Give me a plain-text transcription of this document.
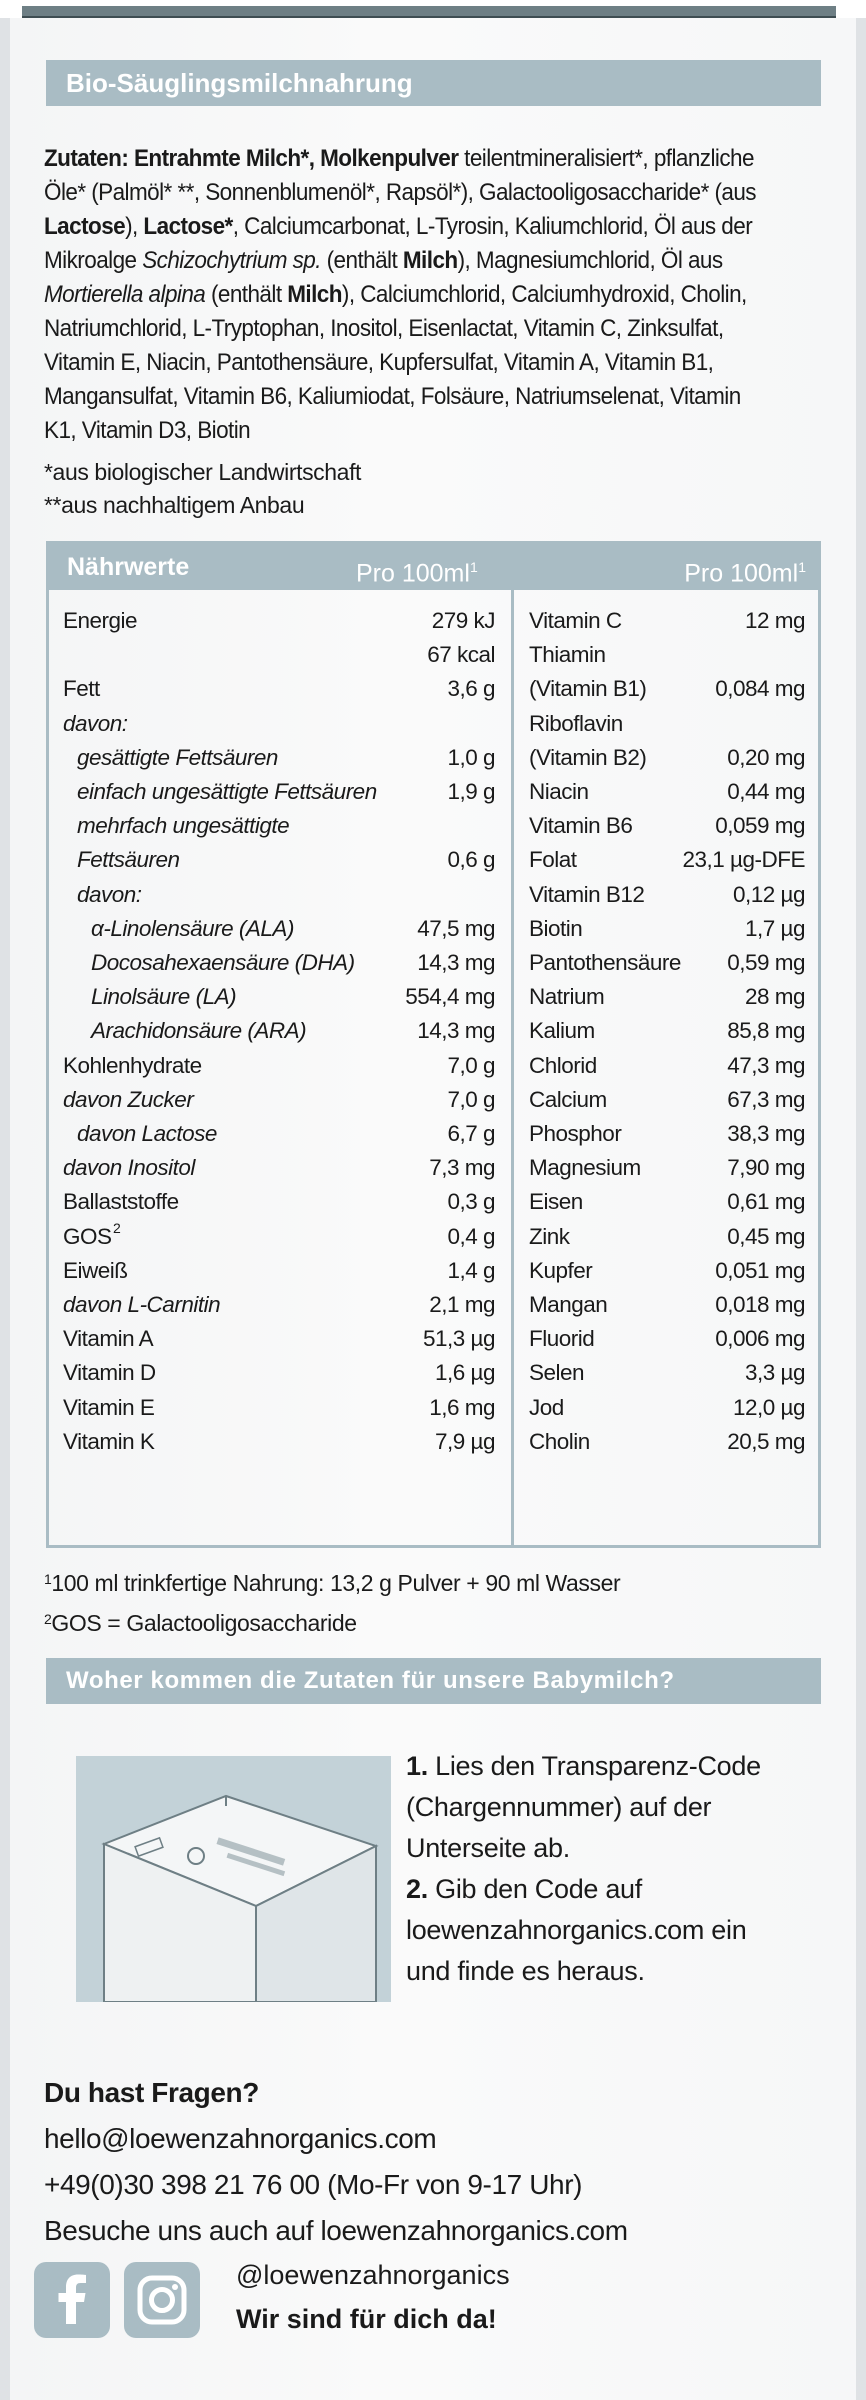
Bio-Säuglingsmilchnahrung

Zutaten: Entrahmte Milch*, Molkenpulver teilentmineralisiert*, pflanzliche Öle* (Palmöl* **, Sonnenblumenöl*, Rapsöl*), Galactooligosaccharide* (aus Lactose), Lactose*, Calciumcarbonat, L-Tyrosin, Kaliumchlorid, Öl aus der Mikroalge Schizochytrium sp. (enthält Milch), Magnesiumchlorid, Öl aus Mortierella alpina (enthält Milch), Calciumchlorid, Calciumhydroxid, Cholin, Natriumchlorid, L-Tryptophan, Inositol, Eisenlactat, Vitamin C, Zinksulfat, Vitamin E, Niacin, Pantothensäure, Kupfersulfat, Vitamin A, Vitamin B1, Mangansulfat, Vitamin B6, Kaliumiodat, Folsäure, Natriumselenat, Vitamin K1, Vitamin D3, Biotin

*aus biologischer Landwirtschaft
**aus nachhaltigem Anbau
Nährwerte	Pro $100ml^1$	Pro $100ml^1$
Energie	279 kJ
67 kcal
Fett	3,6 g
davon:
gesättigte Fettsäuren	1,0 g
einfach ungesättigte Fettsäuren	1,9 g
mehrfach ungesättigte
Fettsäuren	0,6 g
davon:
α-Linolensäure (ALA)	47,5 mg
Docosahexaensäure (DHA)	14,3 mg
Linolsäure (LA)	554,4 mg
Arachidonsäure (ARA)	14,3 mg
Kohlenhydrate	7,0 g
davon Zucker	7,0 g
davon Lactose	6,7 g
davon Inositol	7,3 mg
Ballaststoffe	0,3 g
GOS 2	0,4 g
Eiweiß	1,4 g
davon L-Carnitin	2,1 mg
Vitamin A	51,3 µg
Vitamin D	1,6 µg
Vitamin E	1,6 mg
Vitamin K	7,9 µg
Vitamin C	12 mg
Thiamin
(Vitamin B1)	0,084 mg
Riboflavin
(Vitamin B2)	0,20 mg
Niacin	0,44 mg
Vitamin B6	0,059 mg
Folat	23,1 µg-DFE
Vitamin B12	0,12 µg
Biotin	1,7 µg
Pantothensäure 0,59 mg
Natrium	28 mg
Kalium	85,8 mg
Chlorid	47,3 mg
Calcium	67,3 mg
Phosphor	38,3 mg
Magnesium	7,90 mg
Eisen	0,61 mg
Zink	0,45 mg
Kupfer	0,051 mg
Mangan	0,018 mg
Fluorid	0,006 mg
Selen	3,3 µg
Jod	12,0 µg
Cholin	20,5 mg
$^1$100 ml trinkfertige Nahrung: 13,2 g Pulver + 90 ml Wasser
$^2$GOS = Galactooligosaccharide
Woher kommen die Zutaten für unsere Babymilch?
1. Lies den Transparenz-Code
(Chargennummer) auf der
Unterseite ab.
2. Gib den Code auf
loewenzahnorganics.com ein
und finde es heraus.
Du hast Fragen?
hello@loewenzahnorganics.com
+49(0)30 398 21 76 00 (Mo-Fr von 9-17 Uhr)
Besuche uns auch auf loewenzahnorganics.com
@loewenzahnorganics
Wir sind für dich da!
